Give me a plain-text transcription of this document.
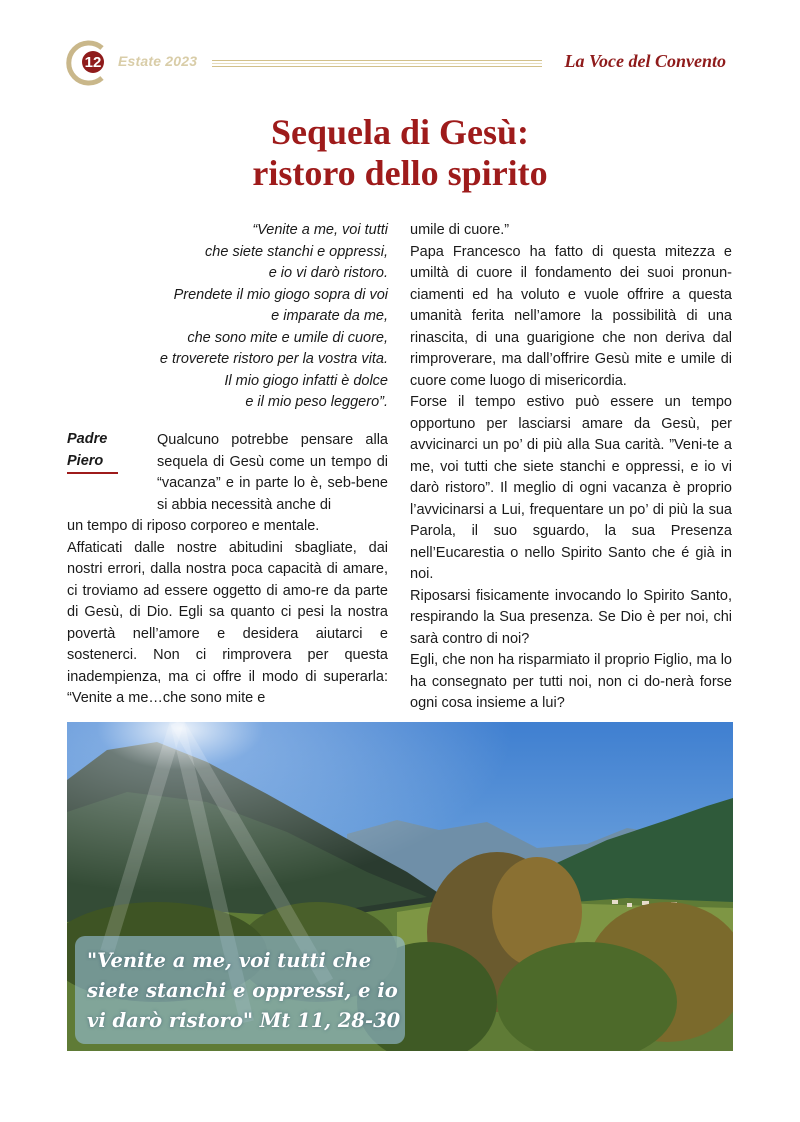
12 Estate 2023	La Voce del Convento
Sequela di Gesù:
ristoro dello spirito
“Venite a me, voi tutti
che siete stanchi e oppressi,
e io vi darò ristoro.
Prendete il mio giogo sopra di voi
e imparate da me,
che sono mite e umile di cuore,
e troverete ristoro per la vostra vita.
Il mio giogo infatti è dolce
e il mio peso leggero”.
Padre Piero

Qualcuno potrebbe pensare alla sequela di Gesù come un tempo di “vacanza” e in parte lo è, seb-bene si abbia necessità anche di

un tempo di riposo corporeo e mentale.

Affaticati dalle nostre abitudini sbagliate, dai nostri errori, dalla nostra poca capacità di amare, ci troviamo ad essere oggetto di amo-re da parte di Gesù, di Dio. Egli sa quanto ci pesi la nostra povertà nell’amore e desidera aiutarci e sostenerci. Non ci rimprovera per questa inadempienza, ma ci offre il modo di superarla: “Venite a me…che sono mite e

umile di cuore.”

Papa Francesco ha fatto di questa mitezza e umiltà di cuore il fondamento dei suoi pronun-ciamenti ed ha voluto e vuole offrire a questa umanità ferita nell’amore la possibilità di una rinascita, di una guarigione che non deriva dal rimproverare, ma dall’offrire Gesù mite e umile di cuore come luogo di misericordia.

Forse il tempo estivo può essere un tempo opportuno per lasciarsi amare da Gesù, per avvicinarci un po’ di più alla Sua carità. ”Veni-te a me, voi tutti che siete stanchi e oppressi, e io vi darò ristoro”. Il meglio di ogni vacanza è proprio l’avvicinarsi a Lui, frequentare un po’ di più la sua Parola, il suo sguardo, la sua Presenza nell’Eucarestia o nello Spirito Santo che é già in noi.

Riposarsi fisicamente invocando lo Spirito Santo, respirando la Sua presenza. Se Dio è per noi, chi sarà contro di noi?

Egli, che non ha risparmiato il proprio Figlio, ma lo ha consegnato per tutti noi, non ci do-nerà forse ogni cosa insieme a lui?

"Venite a me, voi tutti che
siete stanchi e oppressi, e io
vi darò ristoro" Mt 11, 28-30
